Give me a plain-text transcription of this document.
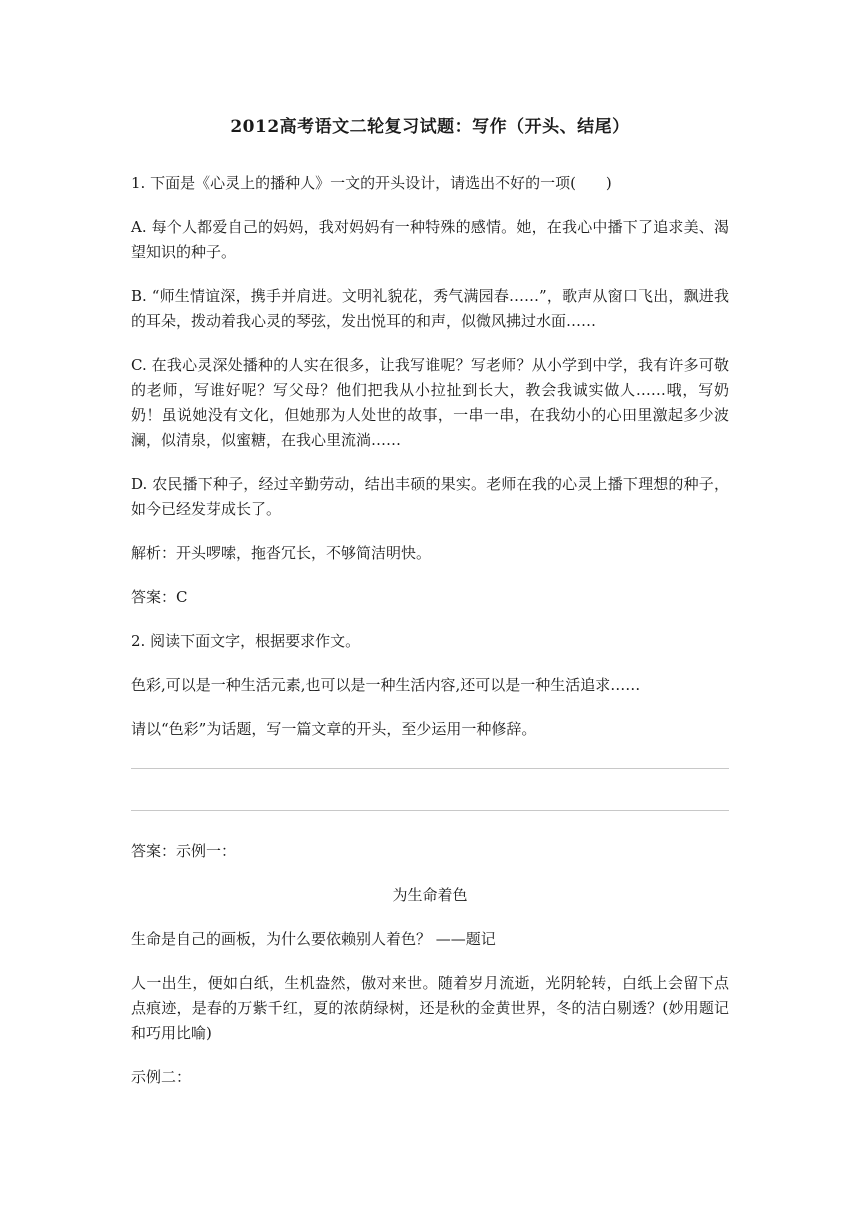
2012高考语文二轮复习试题：写作（开头、结尾）
1. 下面是《心灵上的播种人》一文的开头设计，请选出不好的一项(　　)
A. 每个人都爱自己的妈妈，我对妈妈有一种特殊的感情。她，在我心中播下了追求美、渴望知识的种子。
B. “师生情谊深，携手并肩进。文明礼貌花，秀气满园春……”，歌声从窗口飞出，飘进我的耳朵，拨动着我心灵的琴弦，发出悦耳的和声，似微风拂过水面……
C. 在我心灵深处播种的人实在很多，让我写谁呢？写老师？从小学到中学，我有许多可敬的老师，写谁好呢？写父母？他们把我从小拉扯到长大，教会我诚实做人……哦，写奶奶！虽说她没有文化，但她那为人处世的故事，一串一串，在我幼小的心田里激起多少波澜，似清泉，似蜜糖，在我心里流淌……
D. 农民播下种子，经过辛勤劳动，结出丰硕的果实。老师在我的心灵上播下理想的种子，如今已经发芽成长了。
解析：开头啰嗦，拖沓冗长，不够简洁明快。
答案：C
2. 阅读下面文字，根据要求作文。
色彩,可以是一种生活元素,也可以是一种生活内容,还可以是一种生活追求……
请以“色彩”为话题，写一篇文章的开头，至少运用一种修辞。
答案：示例一：
为生命着色
生命是自己的画板，为什么要依赖别人着色？ ——题记
人一出生，便如白纸，生机盎然，傲对来世。随着岁月流逝，光阴轮转，白纸上会留下点点痕迹，是春的万紫千红，夏的浓荫绿树，还是秋的金黄世界，冬的洁白剔透？(妙用题记和巧用比喻)
示例二：
